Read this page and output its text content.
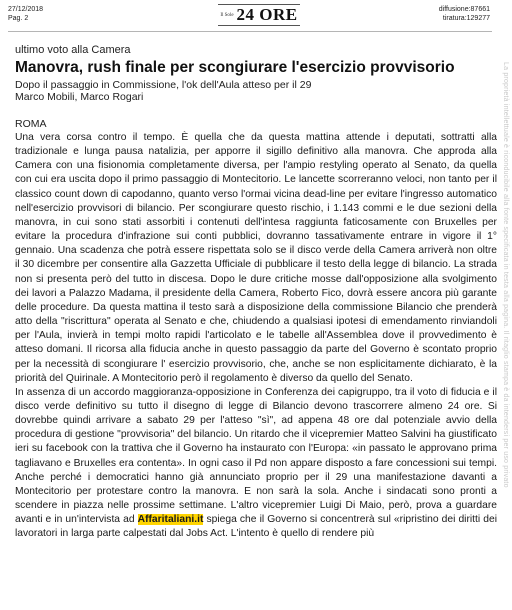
27/12/2018
Pag. 2	Il Sole 24 ORE	diffusione:87661
tiratura:129277
La proprietà intellettuale è riconducibile alla fonte specificata in testa alla pagina. Il ritaglio stampa è da intendersi per uso privato
ultimo voto alla Camera
Manovra, rush finale per scongiurare l'esercizio provvisorio
Dopo il passaggio in Commissione, l'ok dell'Aula atteso per il 29
Marco Mobili, Marco Rogari
ROMA

Una vera corsa contro il tempo. È quella che da questa mattina attende i deputati, sottratti alla tradizionale e lunga pausa natalizia, per apporre il sigillo definitivo alla manovra. Che approda alla Camera con una fisionomia completamente diversa, per l'ampio restyling operato al Senato, da quella con cui era uscita dopo il primo passaggio di Montecitorio. Le lancette scorreranno veloci, non tanto per il classico count down di capodanno, quanto verso l'ormai vicina dead-line per evitare l'ingresso automatico nell'esercizio provvisori di bilancio. Per scongiurare questo rischio, i 1.143 commi e le due sezioni della manovra, in cui sono stati assorbiti i contenuti dell'intesa raggiunta faticosamente con Bruxelles per evitare la procedura d'infrazione sui conti pubblici, dovranno tassativamente entrare in vigore il 1° gennaio. Una scadenza che potrà essere rispettata solo se il disco verde della Camera arriverà non oltre il 30 dicembre per consentire alla Gazzetta Ufficiale di pubblicare il testo della legge di bilancio. La strada non si presenta però del tutto in discesa. Dopo le dure critiche mosse dall'opposizione alla svolgimento dei lavori a Palazzo Madama, il presidente della Camera, Roberto Fico, dovrà essere ancora più garante delle procedure. Da questa mattina il testo sarà a disposizione della commissione Bilancio che prenderà atto della "riscrittura" operata al Senato e che, chiudendo a qualsiasi ipotesi di emendamento rinviandoli per l'Aula, invierà in tempi molto rapidi l'articolato e le tabelle all'Assemblea dove il provvedimento è atteso domani. Il ricorsa alla fiducia anche in questo passaggio da parte del Governo è scontato proprio per la necessità di scongiurare l' esercizio provvisorio, che, anche se non esplicitamente dichiarato, è la priorità del Quirinale. A Montecitorio però il regolamento è diverso da quello del Senato.

In assenza di un accordo maggioranza-opposizione in Conferenza dei capigruppo, tra il voto di fiducia e il disco verde definitivo su tutto il disegno di legge di Bilancio devono trascorrere almeno 24 ore. Si dovrebbe quindi arrivare a sabato 29 per l'atteso "sì", ad appena 48 ore dal potenziale avvio della procedura di gestione "provvisoria" del bilancio. Un ritardo che il vicepremier Matteo Salvini ha giustificato ieri su facebook con la trattiva che il Governo ha instaurato con l'Europa: «in passato le approvano prima tagliavano e Bruxelles era contenta». In ogni caso il Pd non appare disposto a fare concessioni sui tempi. Anche perché i democratici hanno già annunciato proprio per il 29 una manifestazione davanti a Montecitorio per protestare contro la manovra. E non sarà la sola. Anche i sindacati sono pronti a scendere in piazza nelle prossime settimane. L'altro vicepremier Luigi Di Maio, però, prova a guardare avanti e in un'intervista ad Affaritaliani.it spiega che il Governo si concentrerà sul «ripristino dei diritti dei lavoratori in larga parte calpestati dal Jobs Act. L'intento è quello di rendere più
